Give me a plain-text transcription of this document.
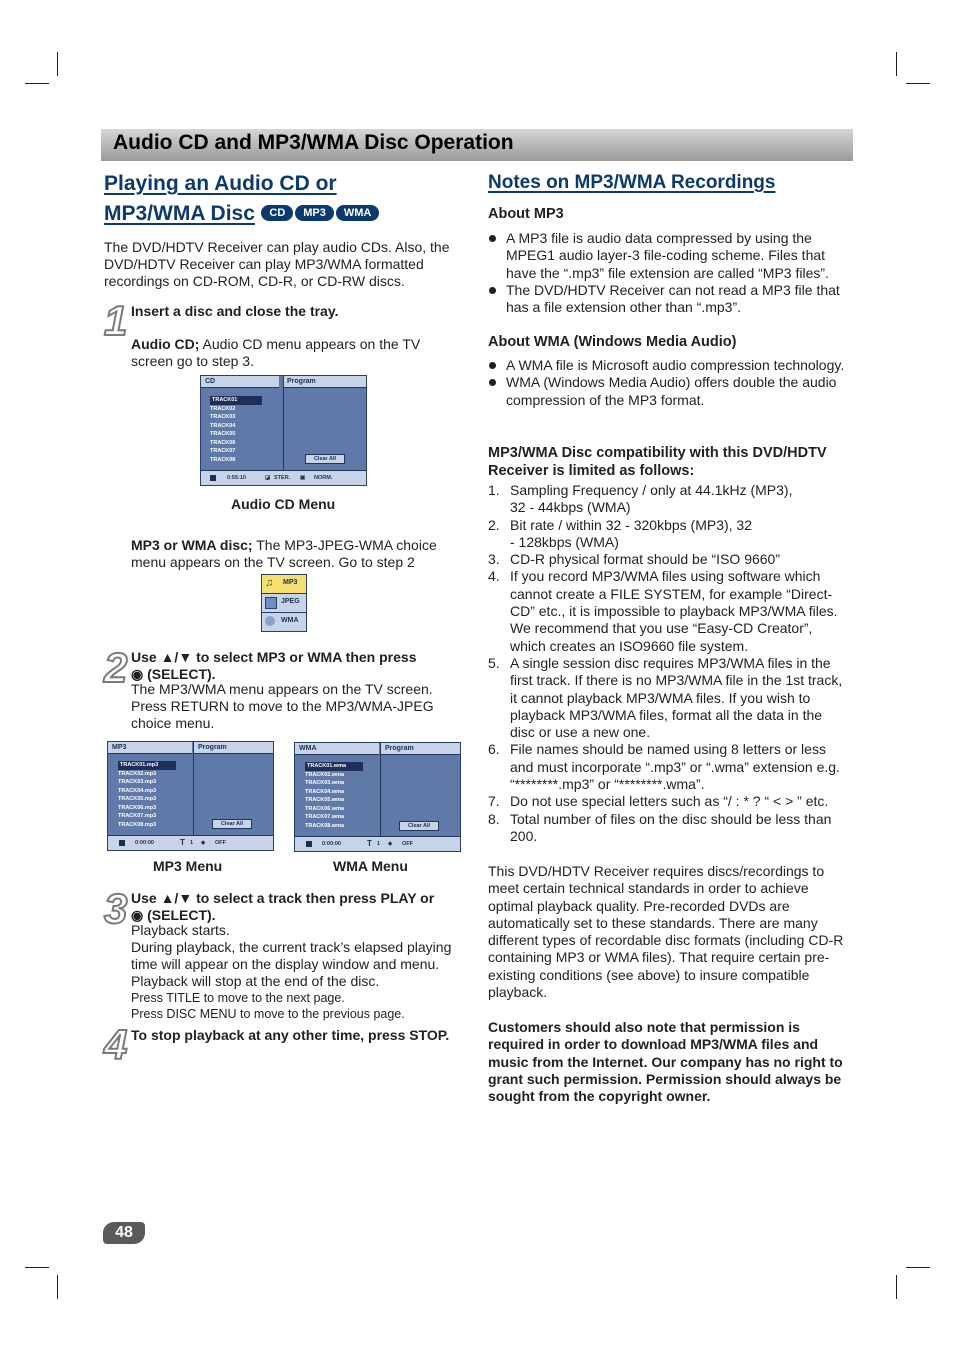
Audio CD and MP3/WMA Disc Operation
Playing an Audio CD or
MP3/WMA Disc CD MP3 WMA
The DVD/HDTV Receiver can play audio CDs. Also, the DVD/HDTV Receiver can play MP3/WMA formatted recordings on CD-ROM, CD-R, or CD-RW discs.
1 Insert a disc and close the tray.
Audio CD; Audio CD menu appears on the TV screen go to step 3.
CD	Program
TRACK01
TRACK02
TRACK03
TRACK04
TRACK05
TRACK06
TRACK07
TRACK08	Clear All
0:55:10	◪ STER. ▣ NORM.
Audio CD Menu
MP3 or WMA disc; The MP3-JPEG-WMA choice menu appears on the TV screen. Go to step 2
♫ MP3
JPEG
WMA
2 Use ▲/▼ to select MP3 or WMA then press
◉ (SELECT).
The MP3/WMA menu appears on the TV screen. Press RETURN to move to the MP3/WMA-JPEG choice menu.
MP3	Program
TRACK01.mp3
TRACK02.mp3
TRACK03.mp3
TRACK04.mp3
TRACK05.mp3
TRACK06.mp3
TRACK07.mp3
TRACK08.mp3	Clear All
0:00:00	T 1 ◈ OFF
WMA	Program
TRACK01.wma
TRACK02.wma
TRACK03.wma
TRACK04.wma
TRACK05.wma
TRACK06.wma
TRACK07.wma
TRACK08.wma	Clear All
0:00:00	T 1 ◈ OFF
MP3 Menu	WMA Menu
3 Use ▲/▼ to select a track then press PLAY or
◉ (SELECT).
Playback starts.
During playback, the current track’s elapsed playing time will appear on the display window and menu. Playback will stop at the end of the disc.
Press TITLE to move to the next page.
Press DISC MENU to move to the previous page.
4 To stop playback at any other time, press STOP.
Notes on MP3/WMA Recordings
About MP3
A MP3 file is audio data compressed by using the MPEG1 audio layer-3 file-coding scheme. Files that have the “.mp3” file extension are called “MP3 files”.
The DVD/HDTV Receiver can not read a MP3 file that has a file extension other than “.mp3”.
About WMA (Windows Media Audio)
A WMA file is Microsoft audio compression technology.
WMA (Windows Media Audio) offers double the audio compression of the MP3 format.
MP3/WMA Disc compatibility with this DVD/HDTV Receiver is limited as follows:
1. Sampling Frequency / only at 44.1kHz (MP3), 32 - 44kbps (WMA)
2. Bit rate / within 32 - 320kbps (MP3), 32 - 128kbps (WMA)
3. CD-R physical format should be “ISO 9660”
4. If you record MP3/WMA files using software which cannot create a FILE SYSTEM, for example “Direct-CD” etc., it is impossible to playback MP3/WMA files. We recommend that you use “Easy-CD Creator”, which creates an ISO9660 file system.
5. A single session disc requires MP3/WMA files in the first track. If there is no MP3/WMA file in the 1st track, it cannot playback MP3/WMA files. If you wish to playback MP3/WMA files, format all the data in the disc or use a new one.
6. File names should be named using 8 letters or less and must incorporate “.mp3” or “.wma” extension e.g. “********.mp3” or “********.wma”.
7. Do not use special letters such as “/ : * ? “ < > ” etc.
8. Total number of files on the disc should be less than 200.
This DVD/HDTV Receiver requires discs/recordings to meet certain technical standards in order to achieve optimal playback quality. Pre-recorded DVDs are automatically set to these standards. There are many different types of recordable disc formats (including CD-R containing MP3 or WMA files). That require certain pre-existing conditions (see above) to insure compatible playback.
Customers should also note that permission is required in order to download MP3/WMA files and music from the Internet. Our company has no right to grant such permission. Permission should always be sought from the copyright owner.
48
